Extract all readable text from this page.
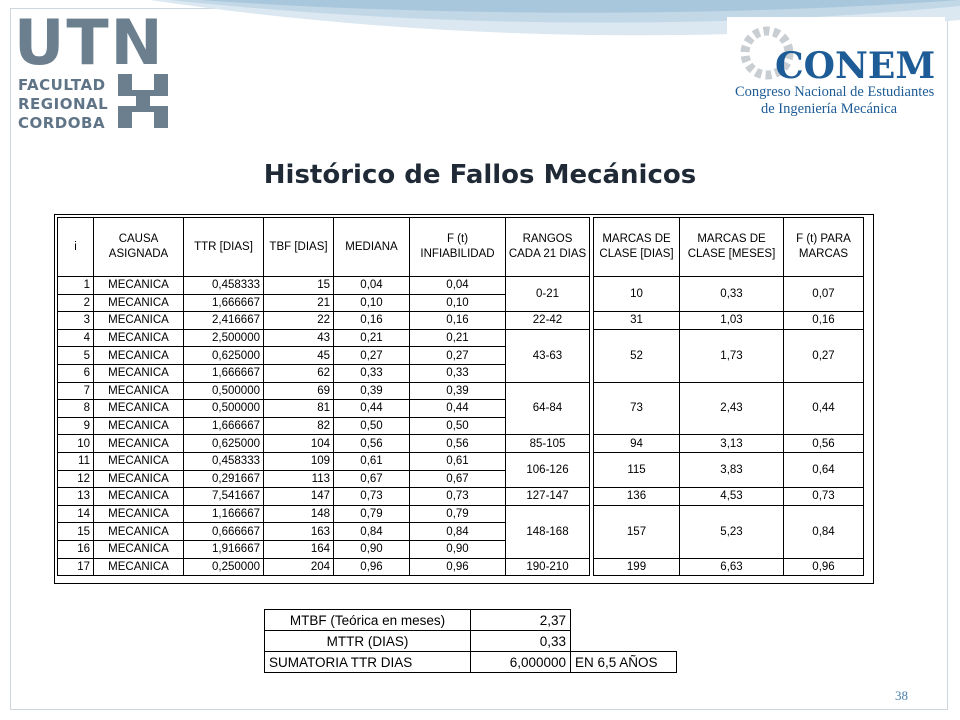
UTN
FACULTAD
REGIONAL
CORDOBA
CONEM
Congreso Nacional de Estudiantes
de Ingeniería Mecánica
Histórico de Fallos Mecánicos
i	CAUSA ASIGNADA	TTR [DIAS]	TBF [DIAS]	MEDIANA	F (t) INFIABILIDAD	RANGOS CADA 21 DIAS		MARCAS DE CLASE [DIAS]	MARCAS DE CLASE [MESES]	F (t) PARA MARCAS
1	MECANICA	0,458333	15	0,04	0,04	0-21		10	0,33	0,07
2	MECANICA	1,666667	21	0,10	0,10					
3	MECANICA	2,416667	22	0,16	0,16	22-42		31	1,03	0,16
4	MECANICA	2,500000	43	0,21	0,21	43-63		52	1,73	0,27
5	MECANICA	0,625000	45	0,27	0,27					
6	MECANICA	1,666667	62	0,33	0,33					
7	MECANICA	0,500000	69	0,39	0,39	64-84		73	2,43	0,44
8	MECANICA	0,500000	81	0,44	0,44					
9	MECANICA	1,666667	82	0,50	0,50					
10	MECANICA	0,625000	104	0,56	0,56	85-105		94	3,13	0,56
11	MECANICA	0,458333	109	0,61	0,61	106-126		115	3,83	0,64
12	MECANICA	0,291667	113	0,67	0,67					
13	MECANICA	7,541667	147	0,73	0,73	127-147		136	4,53	0,73
14	MECANICA	1,166667	148	0,79	0,79	148-168		157	5,23	0,84
15	MECANICA	0,666667	163	0,84	0,84					
16	MECANICA	1,916667	164	0,90	0,90					
17	MECANICA	0,250000	204	0,96	0,96	190-210		199	6,63	0,96
MTBF (Teórica en meses)	2,37	
MTTR (DIAS)	0,33	
SUMATORIA TTR DIAS	6,000000	EN 6,5 AÑOS
38
